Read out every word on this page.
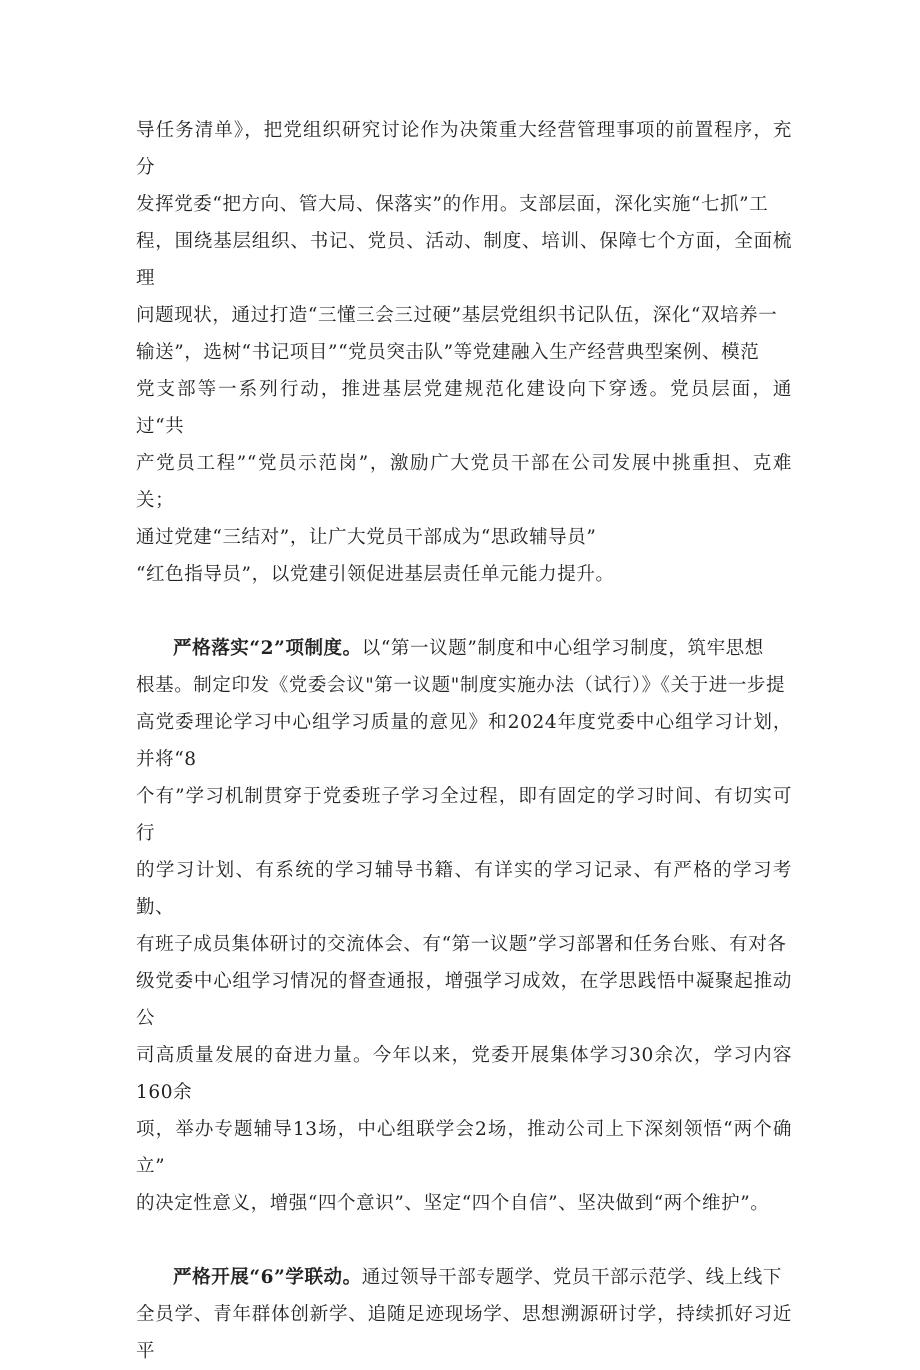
导任务清单》，把党组织研究讨论作为决策重大经营管理事项的前置程序，充分
发挥党委“把方向、管大局、保落实”的作用。支部层面，深化实施“七抓”工
程，围绕基层组织、书记、党员、活动、制度、培训、保障七个方面，全面梳理
问题现状，通过打造“三懂三会三过硬”基层党组织书记队伍，深化“双培养一
输送”，选树“书记项目”“党员突击队”等党建融入生产经营典型案例、模范
党支部等一系列行动，推进基层党建规范化建设向下穿透。党员层面，通过“共
产党员工程”“党员示范岗”，激励广大党员干部在公司发展中挑重担、克难关；
通过党建“三结对”，让广大党员干部成为“思政辅导员”
“红色指导员”，以党建引领促进基层责任单元能力提升。

严格落实“2”项制度。以“第一议题”制度和中心组学习制度，筑牢思想
根基。制定印发《党委会议"第一议题"制度实施办法（试行）》《关于进一步提
高党委理论学习中心组学习质量的意见》和2024年度党委中心组学习计划，并将“8
个有”学习机制贯穿于党委班子学习全过程，即有固定的学习时间、有切实可行
的学习计划、有系统的学习辅导书籍、有详实的学习记录、有严格的学习考勤、
有班子成员集体研讨的交流体会、有“第一议题”学习部署和任务台账、有对各
级党委中心组学习情况的督查通报，增强学习成效，在学思践悟中凝聚起推动公
司高质量发展的奋进力量。今年以来，党委开展集体学习30余次，学习内容160余
项，举办专题辅导13场，中心组联学会2场，推动公司上下深刻领悟“两个确立”
的决定性意义，增强“四个意识”、坚定“四个自信”、坚决做到“两个维护”。

严格开展“6”学联动。通过领导干部专题学、党员干部示范学、线上线下
全员学、青年群体创新学、追随足迹现场学、思想溯源研讨学，持续抓好习近平
